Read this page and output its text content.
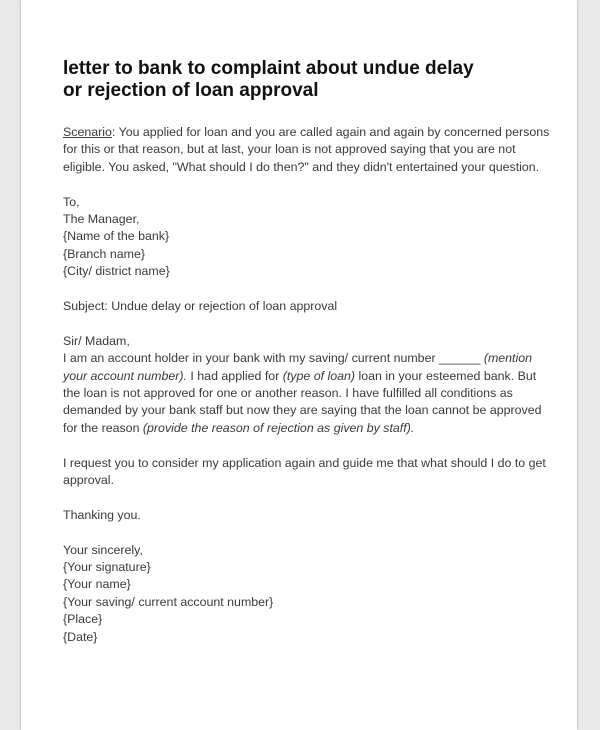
letter to bank to complaint about undue delay
or rejection of loan approval

Scenario: You applied for loan and you are called again and again by concerned persons for this or that reason, but at last, your loan is not approved saying that you are not eligible. You asked, "What should I do then?" and they didn't entertained your question.

To,
The Manager,
{Name of the bank}
{Branch name}
{City/ district name}

Subject: Undue delay or rejection of loan approval

Sir/ Madam,

I am an account holder in your bank with my saving/ current number ______ (mention your account number). I had applied for (type of loan) loan in your esteemed bank. But the loan is not approved for one or another reason. I have fulfilled all conditions as demanded by your bank staff but now they are saying that the loan cannot be approved for the reason (provide the reason of rejection as given by staff).

I request you to consider my application again and guide me that what should I do to get approval.

Thanking you.

Your sincerely,
{Your signature}
{Your name}
{Your saving/ current account number}
{Place}
{Date}
